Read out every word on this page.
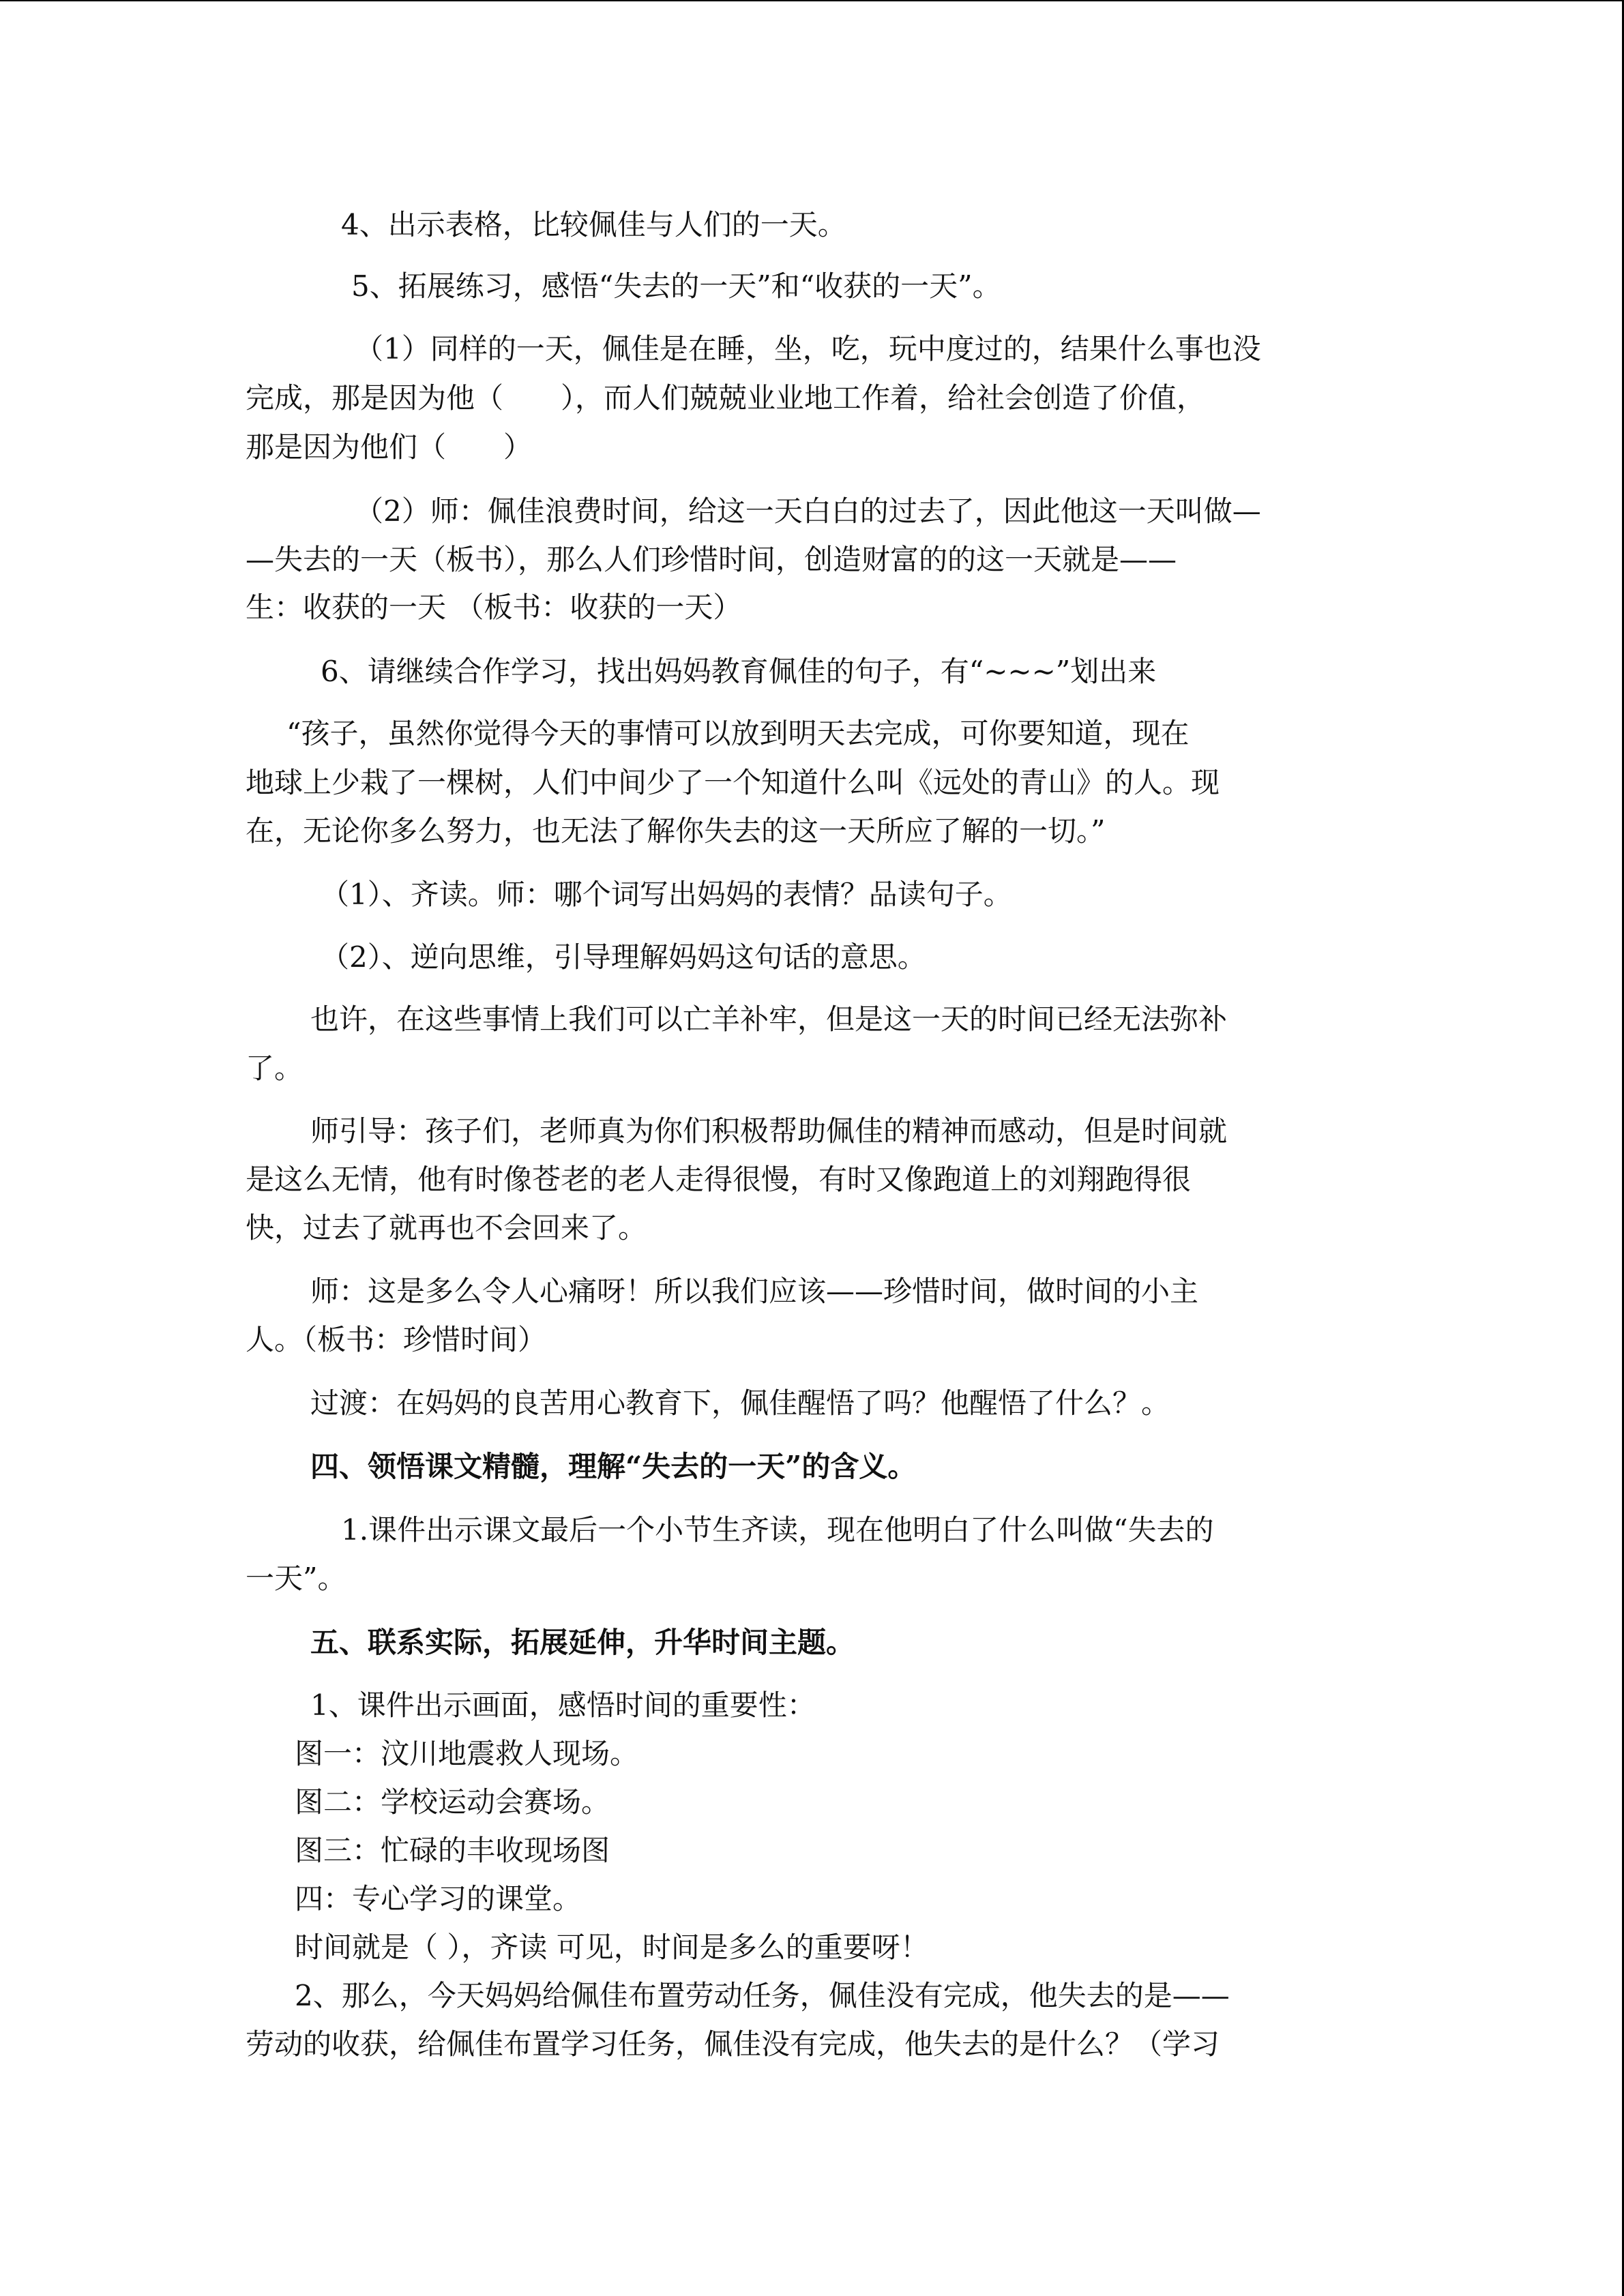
4、出示表格，比较佩佳与人们的一天。
5、拓展练习，感悟“失去的一天”和“收获的一天”。
（1）同样的一天，佩佳是在睡，坐，吃，玩中度过的，结果什么事也没
完成，那是因为他（　　），而人们兢兢业业地工作着，给社会创造了价值，
那是因为他们（　　）
（2）师：佩佳浪费时间，给这一天白白的过去了，因此他这一天叫做—
—失去的一天（板书），那么人们珍惜时间，创造财富的的这一天就是——
生：收获的一天 （板书：收获的一天）
6、请继续合作学习，找出妈妈教育佩佳的句子，有“~~~”划出来
“孩子，虽然你觉得今天的事情可以放到明天去完成，可你要知道，现在
地球上少栽了一棵树，人们中间少了一个知道什么叫《远处的青山》的人。现
在，无论你多么努力，也无法了解你失去的这一天所应了解的一切。”
（1）、齐读。师：哪个词写出妈妈的表情？品读句子。
（2）、逆向思维，引导理解妈妈这句话的意思。
也许，在这些事情上我们可以亡羊补牢，但是这一天的时间已经无法弥补
了。
师引导：孩子们，老师真为你们积极帮助佩佳的精神而感动，但是时间就
是这么无情，他有时像苍老的老人走得很慢，有时又像跑道上的刘翔跑得很
快，过去了就再也不会回来了。
师：这是多么令人心痛呀！所以我们应该——珍惜时间，做时间的小主
人。（板书：珍惜时间）
过渡：在妈妈的良苦用心教育下，佩佳醒悟了吗？他醒悟了什么？。
四、领悟课文精髓，理解“失去的一天”的含义。
1.课件出示课文最后一个小节生齐读，现在他明白了什么叫做“失去的
一天”。
五、联系实际，拓展延伸，升华时间主题。
1、课件出示画面，感悟时间的重要性：
图一：汶川地震救人现场。
图二：学校运动会赛场。
图三：忙碌的丰收现场图
四：专心学习的课堂。
时间就是（ ），齐读 可见，时间是多么的重要呀！
2、那么，今天妈妈给佩佳布置劳动任务，佩佳没有完成，他失去的是——
劳动的收获，给佩佳布置学习任务，佩佳没有完成，他失去的是什么？（学习
